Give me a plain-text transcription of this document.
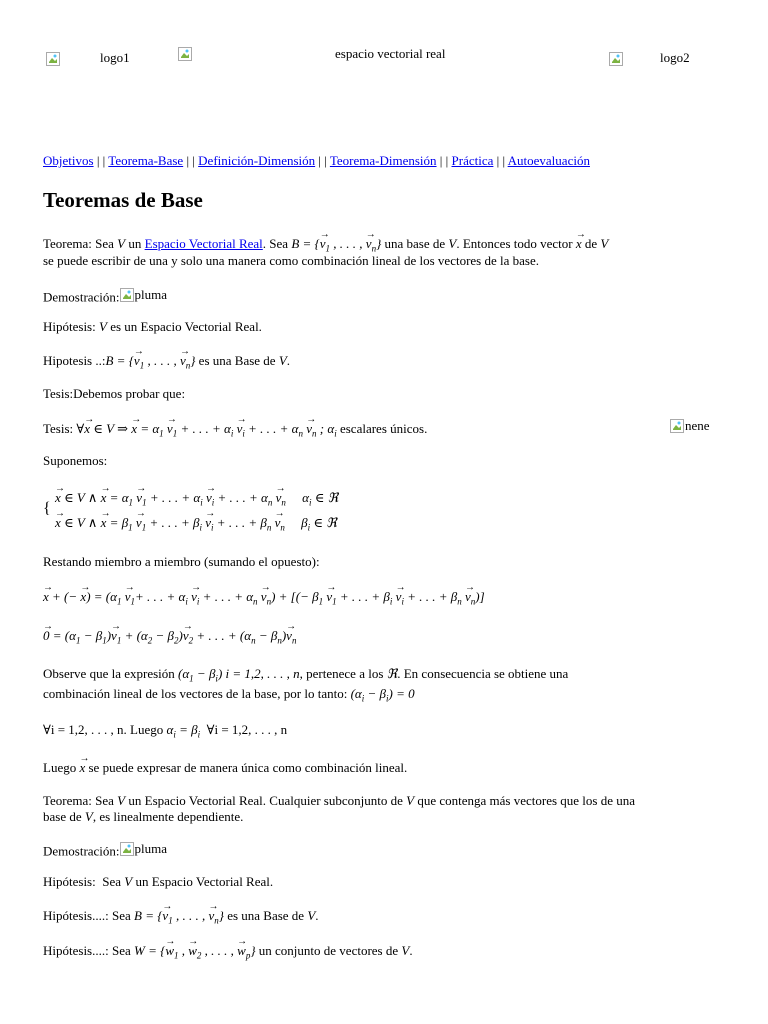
logo1	espacio vectorial real	logo2
Objetivos | | Teorema-Base | | Definición-Dimensión | | Teorema-Dimensión | | Práctica | | Autoevaluación
Teoremas de Base
Teorema: Sea V un Espacio Vectorial Real. Sea B = {→ $v_1$ , . . . , → $v_n$} una base de V. Entonces todo vector → x de V
se puede escribir de una y solo una manera como combinación lineal de los vectores de la base.
Demostración: pluma
Hipótesis: V es un Espacio Vectorial Real.
Hipotesis ..:B = {→ $v_1$ , . . . , → $v_n$} es una Base de V.
Tesis:Debemos probar que:
Tesis: ∀→ x ∈ V ⇒ → $x = \alpha_1 \to v_1$ + . . . + $\alpha_i \to v_i$ + . . . + $\alpha_n \to v_n$ ; $\alpha_i$ escalares únicos.	nene
Suponemos:
{
→ x ∈ V ∧ → $x = \alpha_1 \to v_1$ + . . . + $\alpha_i \to v_i$ + . . . + $\alpha_n \to v_n$     $\alpha_i$ ∈ ℜ
→ x ∈ V ∧ → $x = \beta_1 \to v_1$ + . . . + $\beta_i \to v_i$ + . . . + $\beta_n \to v_n$     $\beta_i$ ∈ ℜ
Restando miembro a miembro (sumando el opuesto):
→ x + (− → $x) = (\alpha_1 \to v_1+$ . . . + $\alpha_i \to v_i$ + . . . + $\alpha_n \to v_n$) + [(− $\beta_1 \to v_1$ + . . . + $\beta_i \to v_i$ + . . . + $\beta_n \to v_n$)]
→ $0 = (\alpha_1 - \beta_1)\to v_1 + (\alpha_2 - \beta_2)\to v_2$ + . . . + $(\alpha_n - \beta_n)\to v_n$
Observe que la expresión $(\alpha_1 - \beta_i) i = 1,2$, . . . , n, pertenece a los ℜ. En consecuencia se obtiene una
combinación lineal de los vectores de la base, por lo tanto: $(\alpha_i - \beta_i) = 0$
∀i = 1,2, . . . , n. Luego $\alpha_i = \beta_i$ ∀i = 1,2, . . . , n
Luego → x se puede expresar de manera única como combinación lineal.
Teorema: Sea V un Espacio Vectorial Real. Cualquier subconjunto de V que contenga más vectores que los de una
base de V, es linealmente dependiente.
Demostración: pluma
Hipótesis: Sea V un Espacio Vectorial Real.
Hipótesis....: Sea B = {→ $v_1$ , . . . , → $v_n$} es una Base de V.
Hipótesis....: Sea W = {→ $w_1$ , → $w_2$ , . . . , → $w_p$} un conjunto de vectores de V.
